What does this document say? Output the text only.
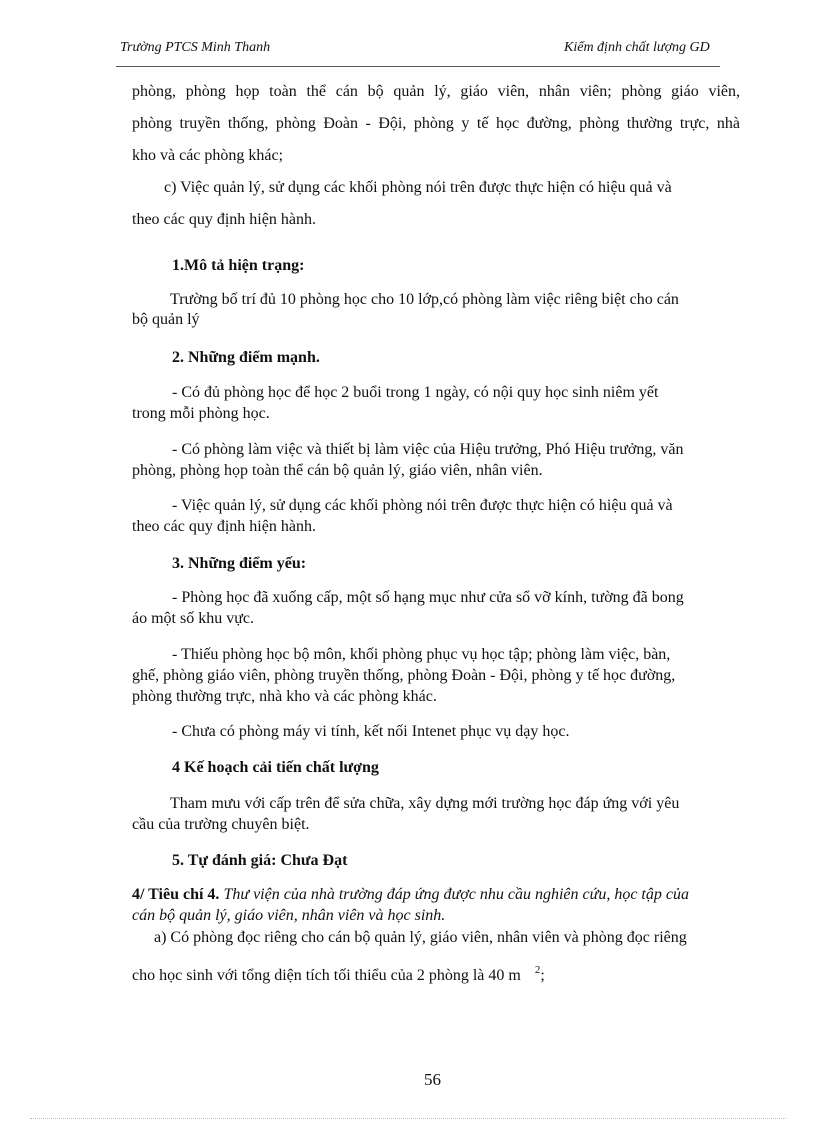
Trường PTCS Minh Thanh	Kiểm định chất lượng GD

phòng, phòng họp toàn thể cán bộ quản lý, giáo viên, nhân viên; phòng giáo viên,

phòng truyền thống, phòng Đoàn - Đội, phòng y tế học đường, phòng thường trực, nhà

kho và các phòng khác;

c) Việc quản lý, sử dụng các khối phòng nói trên được thực hiện có hiệu quả và

theo các quy định hiện hành.

1.Mô tả hiện trạng:

Trường bố trí đủ 10 phòng học cho 10 lớp,có phòng làm việc riêng biệt cho cán

bộ quản lý

2. Những điểm mạnh.

- Có đủ phòng học để học 2 buổi trong 1 ngày, có nội quy học sinh niêm yết

trong mỗi phòng học.

- Có phòng làm việc và thiết bị làm việc của Hiệu trưởng, Phó Hiệu trưởng, văn

phòng, phòng họp toàn thể cán bộ quản lý, giáo viên, nhân viên.

- Việc quản lý, sử dụng các khối phòng nói trên được thực hiện có hiệu quả và

theo các quy định hiện hành.

3. Những điểm yếu:

- Phòng học đã xuống cấp, một số hạng mục như cửa sổ vỡ kính, tường đã bong

áo một số khu vực.

- Thiếu phòng học bộ môn, khối phòng phục vụ học tập; phòng làm việc, bàn,

ghế, phòng giáo viên, phòng truyền thống, phòng Đoàn - Đội, phòng y tế học đường,

phòng thường trực, nhà kho và các phòng khác.

- Chưa có phòng máy vi tính, kết nối Intenet phục vụ dạy học.

4 Kế hoạch cải tiến chất lượng

Tham mưu với cấp trên để sửa chữa, xây dựng mới trường học đáp ứng với yêu

cầu của trường chuyên biệt.

5. Tự đánh giá: Chưa Đạt

4/ Tiêu chí 4. Thư viện của nhà trường đáp ứng được nhu cầu nghiên cứu, học tập của

cán bộ quản lý, giáo viên, nhân viên và học sinh.

a) Có phòng đọc riêng cho cán bộ quản lý, giáo viên, nhân viên và phòng đọc riêng

cho học sinh với tổng diện tích tối thiểu của 2 phòng là 40 m $^2$;

56
